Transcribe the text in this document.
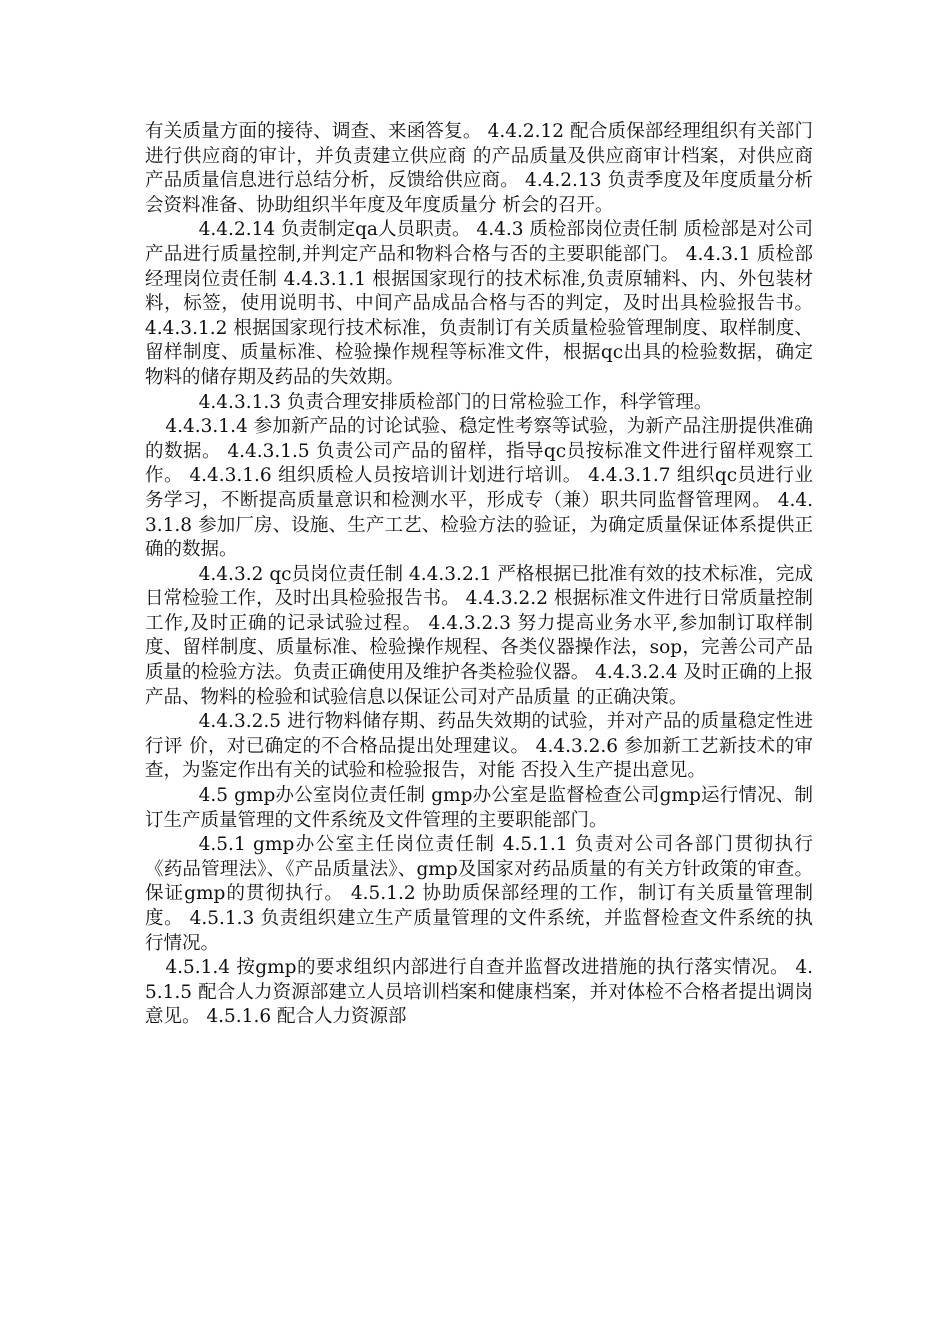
有关质量方面的接待、调查、来函答复。 4.4.2.12 配合质保部经理组织有关部门进行供应商的审计，并负责建立供应商 的产品质量及供应商审计档案，对供应商产品质量信息进行总结分析，反馈给供应商。 4.4.2.13 负责季度及年度质量分析会资料准备、协助组织半年度及年度质量分 析会的召开。

4.4.2.14 负责制定qa人员职责。 4.4.3 质检部岗位责任制 质检部是对公司产品进行质量控制,并判定产品和物料合格与否的主要职能部门。 4.4.3.1 质检部经理岗位责任制 4.4.3.1.1 根据国家现行的技术标准,负责原辅料、内、外包装材料，标签，使用说明书、中间产品成品合格与否的判定，及时出具检验报告书。 4.4.3.1.2 根据国家现行技术标准，负责制订有关质量检验管理制度、取样制度、留样制度、质量标准、检验操作规程等标准文件，根据qc出具的检验数据，确定物料的储存期及药品的失效期。

4.4.3.1.3 负责合理安排质检部门的日常检验工作，科学管理。

4.4.3.1.4 参加新产品的讨论试验、稳定性考察等试验，为新产品注册提供准确的数据。 4.4.3.1.5 负责公司产品的留样，指导qc员按标准文件进行留样观察工作。 4.4.3.1.6 组织质检人员按培训计划进行培训。 4.4.3.1.7 组织qc员进行业务学习，不断提高质量意识和检测水平，形成专（兼）职共同监督管理网。 4.4.3.1.8 参加厂房、设施、生产工艺、检验方法的验证，为确定质量保证体系提供正确的数据。

4.4.3.2 qc员岗位责任制 4.4.3.2.1 严格根据已批准有效的技术标准，完成日常检验工作，及时出具检验报告书。 4.4.3.2.2 根据标准文件进行日常质量控制工作,及时正确的记录试验过程。 4.4.3.2.3 努力提高业务水平,参加制订取样制度、留样制度、质量标准、检验操作规程、各类仪器操作法，sop，完善公司产品质量的检验方法。负责正确使用及维护各类检验仪器。 4.4.3.2.4 及时正确的上报产品、物料的检验和试验信息以保证公司对产品质量 的正确决策。

4.4.3.2.5 进行物料储存期、药品失效期的试验，并对产品的质量稳定性进行评 价，对已确定的不合格品提出处理建议。 4.4.3.2.6 参加新工艺新技术的审查，为鉴定作出有关的试验和检验报告，对能 否投入生产提出意见。

4.5 gmp办公室岗位责任制 gmp办公室是监督检查公司gmp运行情况、制订生产质量管理的文件系统及文件管理的主要职能部门。

4.5.1 gmp办公室主任岗位责任制 4.5.1.1 负责对公司各部门贯彻执行《药品管理法》、《产品质量法》、gmp及国家对药品质量的有关方针政策的审查。保证gmp的贯彻执行。 4.5.1.2 协助质保部经理的工作，制订有关质量管理制度。 4.5.1.3 负责组织建立生产质量管理的文件系统，并监督检查文件系统的执行情况。

4.5.1.4 按gmp的要求组织内部进行自查并监督改进措施的执行落实情况。 4.5.1.5 配合人力资源部建立人员培训档案和健康档案，并对体检不合格者提出调岗意见。 4.5.1.6 配合人力资源部
